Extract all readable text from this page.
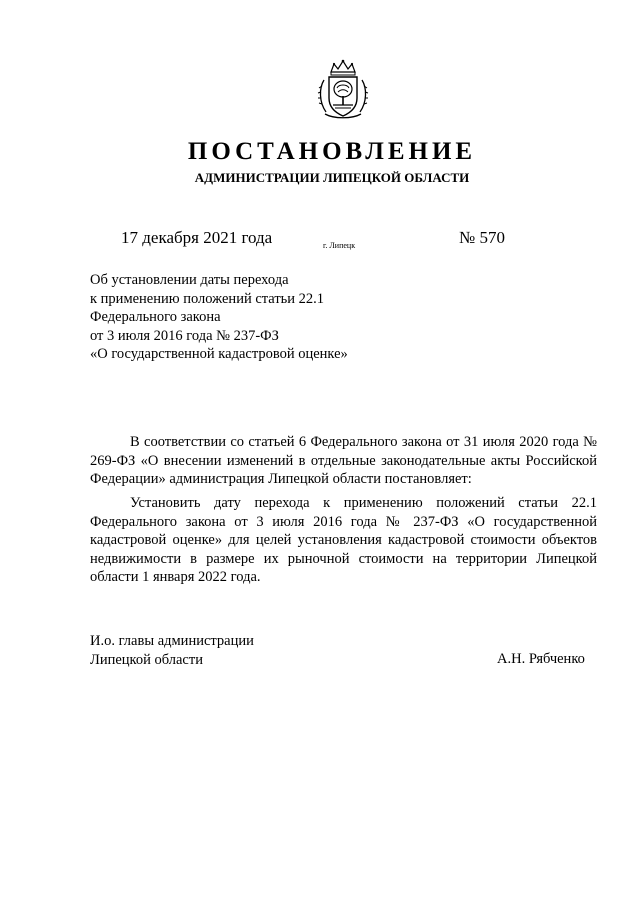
ПОСТАНОВЛЕНИЕ
АДМИНИСТРАЦИИ ЛИПЕЦКОЙ ОБЛАСТИ
17 декабря 2021 года	г. Липецк	№ 570
Об установлении даты перехода
к применению положений статьи 22.1
Федерального закона
от 3 июля 2016 года № 237-ФЗ
«О государственной кадастровой оценке»

В соответствии со статьей 6 Федерального закона от 31 июля 2020 года № 269-ФЗ «О внесении изменений в отдельные законодательные акты Российской Федерации» администрация Липецкой области постановляет:

Установить дату перехода к применению положений статьи 22.1 Федерального закона от 3 июля 2016 года № 237-ФЗ «О государственной кадастровой оценке» для целей установления кадастровой стоимости объектов недвижимости в размере их рыночной стоимости на территории Липецкой области 1 января 2022 года.

И.о. главы администрации
Липецкой области	А.Н. Рябченко
